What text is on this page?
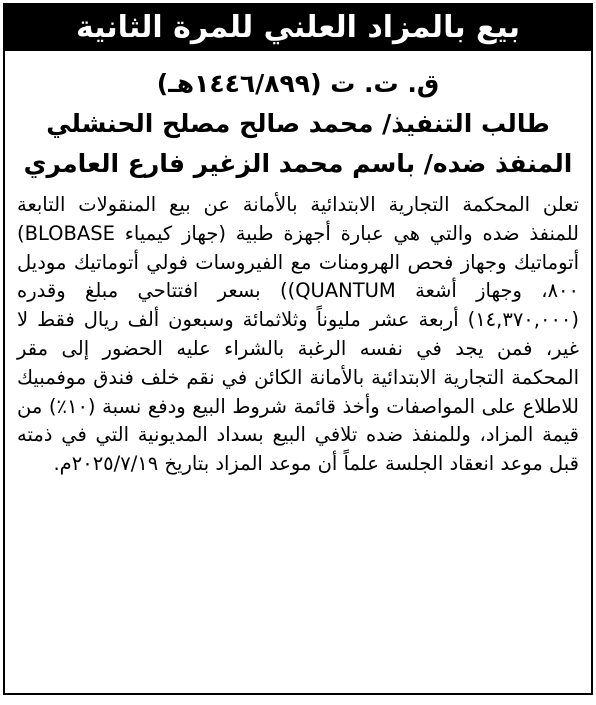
بيع بالمزاد العلني للمرة الثانية
ق. ت. ت (١٤٤٦/٨٩٩هـ)
طالب التنفيذ/ محمد صالح مصلح الحنشلي
المنفذ ضده/ باسم محمد الزغير فارع العامري
تعلن المحكمة التجارية الابتدائية بالأمانة عن بيع المنقولات التابعة للمنفذ ضده والتي هي عبارة أجهزة طبية (جهاز كيمياء BLOBASE) أتوماتيك وجهاز فحص الهرومنات مع الفيروسات فولي أتوماتيك موديل ٨٠٠، وجهاز أشعة QUANTUM)) بسعر افتتاحي مبلغ وقدره (١٤,٣٧٠,٠٠٠) أربعة عشر مليوناً وثلاثمائة وسبعون ألف ريال فقط لا غير، فمن يجد في نفسه الرغبة بالشراء عليه الحضور إلى مقر المحكمة التجارية الابتدائية بالأمانة الكائن في نقم خلف فندق موفمبيك للاطلاع على المواصفات وأخذ قائمة شروط البيع ودفع نسبة (١٠٪) من قيمة المزاد، وللمنفذ ضده تلافي البيع بسداد المديونية التي في ذمته قبل موعد انعقاد الجلسة علماً أن موعد المزاد بتاريخ ٢٠٢٥/٧/١٩م.
